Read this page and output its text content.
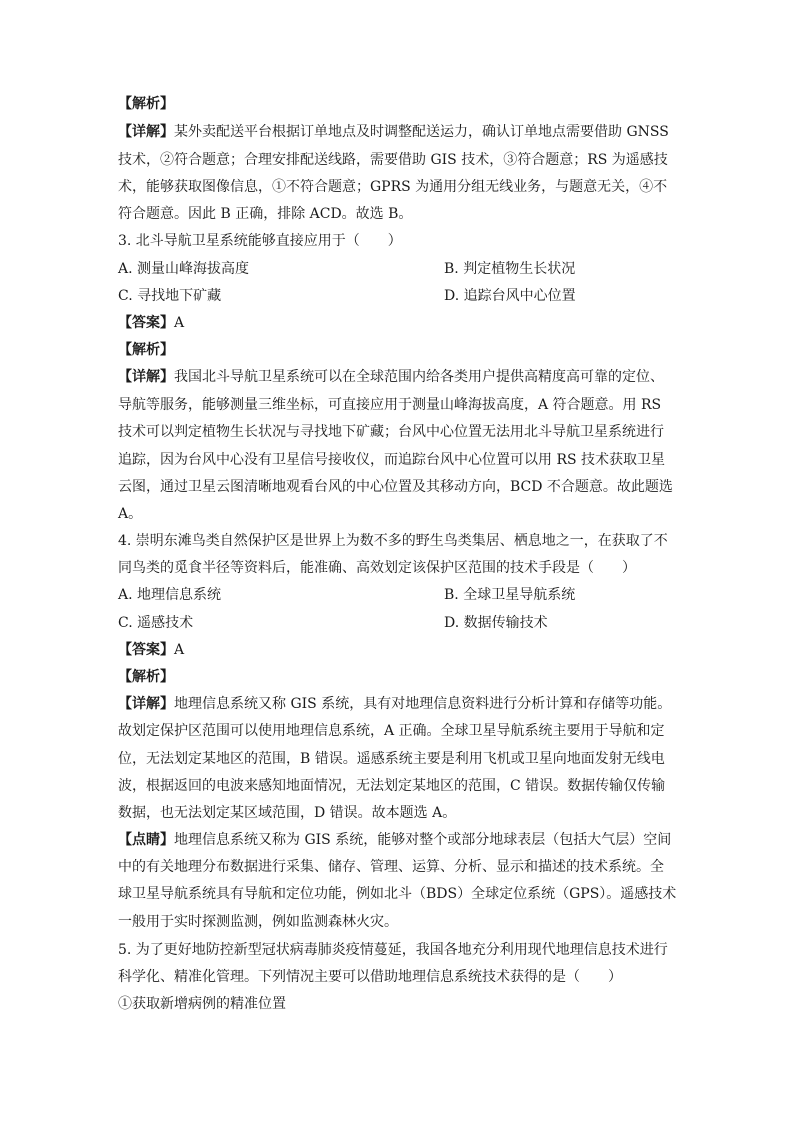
【解析】
【详解】某外卖配送平台根据订单地点及时调整配送运力，确认订单地点需要借助 GNSS
技术，②符合题意；合理安排配送线路，需要借助 GIS 技术，③符合题意；RS 为遥感技
术，能够获取图像信息，①不符合题意；GPRS 为通用分组无线业务，与题意无关，④不
符合题意。因此 B 正确，排除 ACD。故选 B。
3. 北斗导航卫星系统能够直接应用于（　　）
A. 测量山峰海拔高度	B. 判定植物生长状况
C. 寻找地下矿藏	D. 追踪台风中心位置
【答案】A
【解析】
【详解】我国北斗导航卫星系统可以在全球范围内给各类用户提供高精度高可靠的定位、
导航等服务，能够测量三维坐标，可直接应用于测量山峰海拔高度，A 符合题意。用 RS
技术可以判定植物生长状况与寻找地下矿藏；台风中心位置无法用北斗导航卫星系统进行
追踪，因为台风中心没有卫星信号接收仪，而追踪台风中心位置可以用 RS 技术获取卫星
云图，通过卫星云图清晰地观看台风的中心位置及其移动方向，BCD 不合题意。故此题选
A。
4. 崇明东滩鸟类自然保护区是世界上为数不多的野生鸟类集居、栖息地之一，在获取了不
同鸟类的觅食半径等资料后，能准确、高效划定该保护区范围的技术手段是（　　）
A. 地理信息系统	B. 全球卫星导航系统
C. 遥感技术	D. 数据传输技术
【答案】A
【解析】
【详解】地理信息系统又称 GIS 系统，具有对地理信息资料进行分析计算和存储等功能。
故划定保护区范围可以使用地理信息系统，A 正确。全球卫星导航系统主要用于导航和定
位，无法划定某地区的范围，B 错误。遥感系统主要是利用飞机或卫星向地面发射无线电
波，根据返回的电波来感知地面情况，无法划定某地区的范围，C 错误。数据传输仅传输
数据，也无法划定某区域范围，D 错误。故本题选 A。
【点睛】地理信息系统又称为 GIS 系统，能够对整个或部分地球表层（包括大气层）空间
中的有关地理分布数据进行采集、储存、管理、运算、分析、显示和描述的技术系统。全
球卫星导航系统具有导航和定位功能，例如北斗（BDS）全球定位系统（GPS）。遥感技术
一般用于实时探测监测，例如监测森林火灾。
5. 为了更好地防控新型冠状病毒肺炎疫情蔓延，我国各地充分利用现代地理信息技术进行
科学化、精准化管理。下列情况主要可以借助地理信息系统技术获得的是（　　）
①获取新增病例的精准位置
